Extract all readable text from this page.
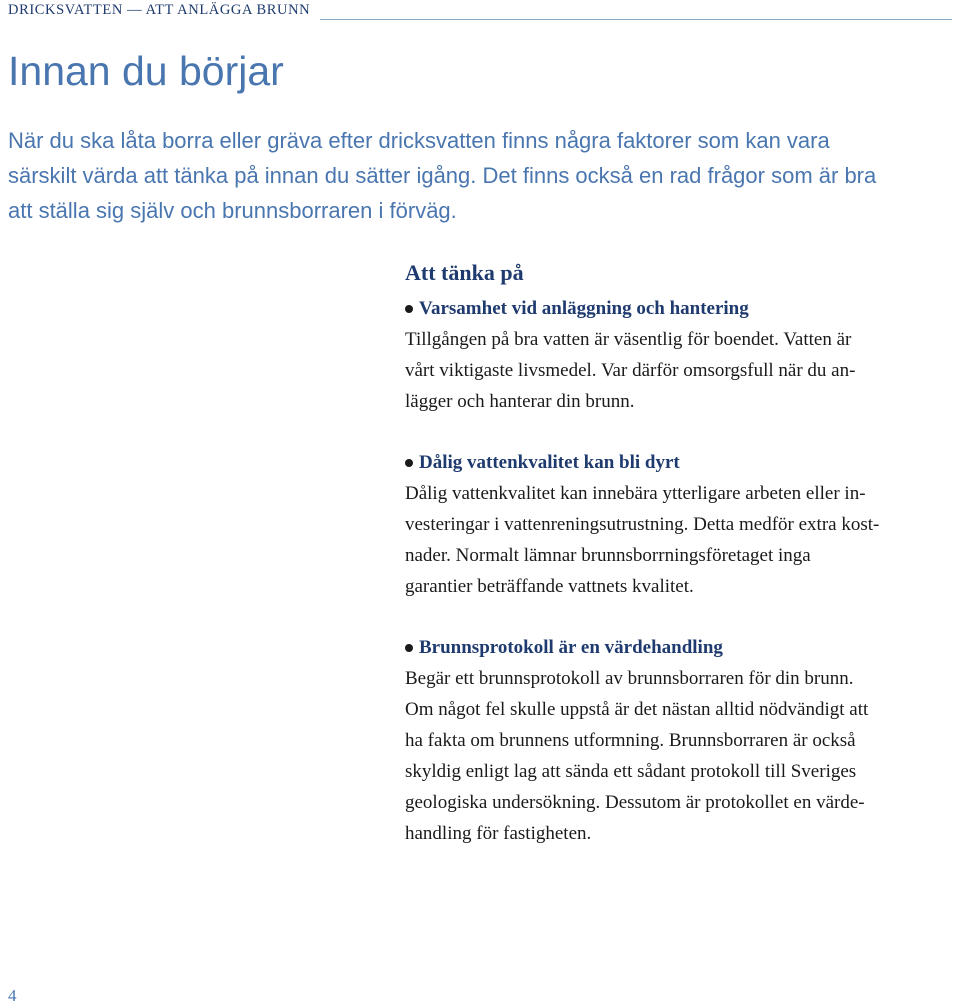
DRICKSVATTEN — ATT ANLÄGGA BRUNN
Innan du börjar

När du ska låta borra eller gräva efter dricksvatten finns några faktorer som kan vara
särskilt värda att tänka på innan du sätter igång. Det finns också en rad frågor som är bra
att ställa sig själv och brunnsborraren i förväg.

Att tänka på

Varsamhet vid anläggning och hantering

Tillgången på bra vatten är väsentlig för boendet. Vatten är
vårt viktigaste livsmedel. Var därför omsorgsfull när du an-
lägger och hanterar din brunn.

Dålig vattenkvalitet kan bli dyrt

Dålig vattenkvalitet kan innebära ytterligare arbeten eller in-
vesteringar i vattenreningsutrustning. Detta medför extra kost-
nader. Normalt lämnar brunnsborrningsföretaget inga
garantier beträffande vattnets kvalitet.

Brunnsprotokoll är en värdehandling

Begär ett brunnsprotokoll av brunnsborraren för din brunn.
Om något fel skulle uppstå är det nästan alltid nödvändigt att
ha fakta om brunnens utformning. Brunnsborraren är också
skyldig enligt lag att sända ett sådant protokoll till Sveriges
geologiska undersökning. Dessutom är protokollet en värde-
handling för fastigheten.

4
